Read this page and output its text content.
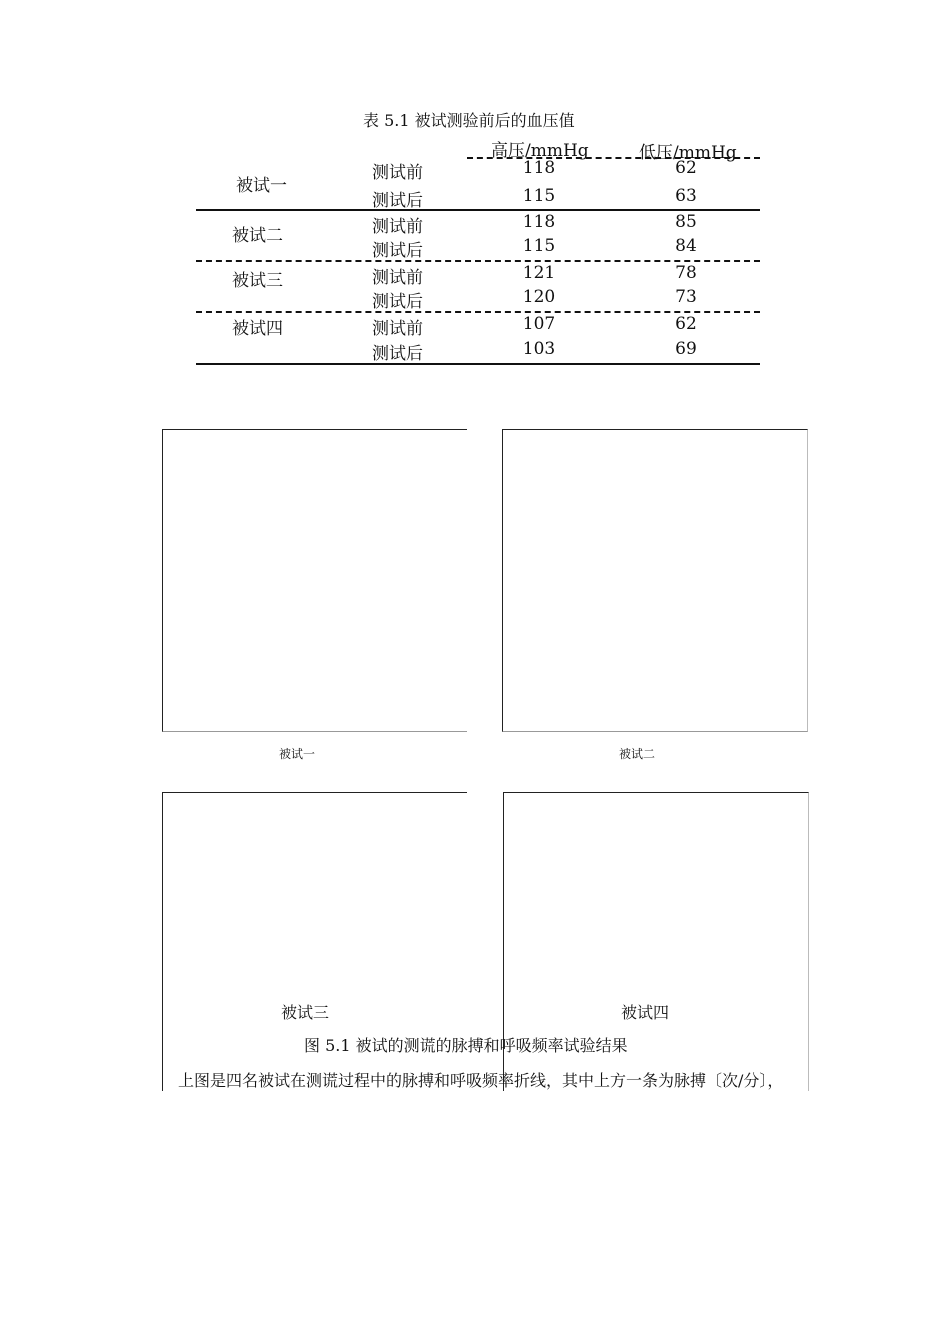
表 5.1 被试测验前后的血压值
高压/mmHg	低压/mmHg
被试一
测试前	118	62
测试后	115	63
被试二	测试前	118	85
测试后	115	84
被试三	测试前	121	78
测试后	120	73
被试四	测试前	107	62
测试后	103	69
被试一	被试二
被试三	被试四
图 5.1 被试的测谎的脉搏和呼吸频率试验结果
上图是四名被试在测谎过程中的脉搏和呼吸频率折线，其中上方一条为脉搏〔次/分〕，
